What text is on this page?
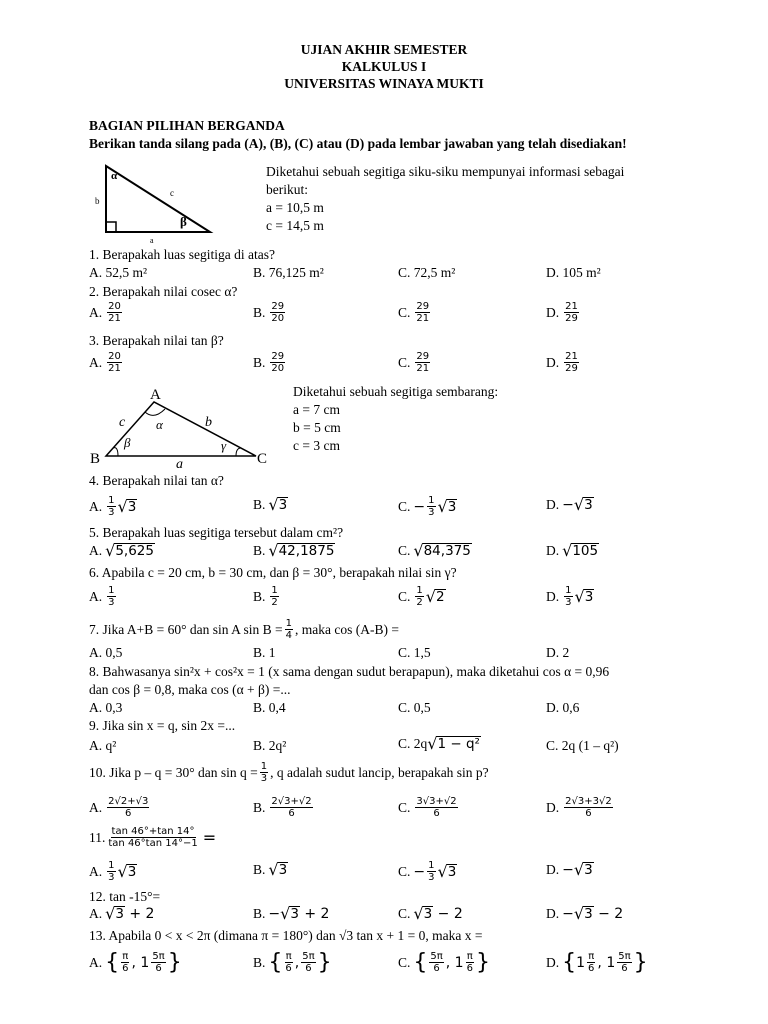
UJIAN AKHIR SEMESTER
KALKULUS I
UNIVERSITAS WINAYA MUKTI
BAGIAN PILIHAN BERGANDA
Berikan tanda silang pada (A), (B), (C) atau (D) pada lembar jawaban yang telah disediakan!
α
β
b
c
a
Diketahui sebuah segitiga siku-siku mempunyai informasi sebagai
berikut:
a = 10,5 m
c = 14,5 m
1. Berapakah luas segitiga di atas?
A. 52,5 m²	B. 76,125 m²	C. 72,5 m²	D. 105 m²
2. Berapakah nilai cosec α?
A. $\frac{20}{21}$	B. $\frac{29}{20}$	C. $\frac{29}{21}$	D. $\frac{21}{29}$
3. Berapakah nilai tan β?
A. $\frac{20}{21}$	B. $\frac{29}{20}$	C. $\frac{29}{21}$	D. $\frac{21}{29}$
A
B	C
c	b
a
α
β	γ
Diketahui sebuah segitiga sembarang:
a = 7 cm
b = 5 cm
c = 3 cm
4. Berapakah nilai tan α?
A. $\frac{1}{3}$ √ 3	B. √ 3	C. − $\frac{1}{3}$ √ 3	D. − √ 3
5. Berapakah luas segitiga tersebut dalam cm²?
A. √ 5,625	B. √ 42,1875	C. √ 84,375	D. √ 105
6. Apabila c = 20 cm, b = 30 cm, dan β = 30°, berapakah nilai sin γ?
A. $\frac{1}{3}$	B. $\frac{1}{2}$	C. $\frac{1}{2}$ √ 2	D. $\frac{1}{3}$ √ 3
7. Jika A+B = 60° dan sin A $\sin B = \frac{1}{4}$ , maka cos (A-B) =
A. 0,5	B. 1	C. 1,5	D. 2
8. Bahwasanya sin²x + cos²x = 1 (x sama dengan sudut berapapun), maka diketahui cos α = 0,96
dan cos β = 0,8, maka cos (α + β) =...
A. 0,3	B. 0,4	C. 0,5	D. 0,6
9. Jika sin x = q, sin 2x =...
A. q²	B. 2q²	C. 2q √ 1 − q²	C. 2q (1 – q²)
10. Jika p – q = 30° dan $\sin q = \frac{1}{3}$ , q adalah sudut lancip, berapakah sin p?
A. $\frac{2√2+√3}{6}$	B. $\frac{2√3+√2}{6}$	C. $\frac{3√3+√2}{6}$	D. $\frac{2√3+3√2}{6}$
11. $\frac{\tan 46^\circ+\tan 14^\circ}{\tan 46^\circ\tan 14^\circ-1}$ =
A. $\frac{1}{3}$ √ 3	B. √ 3	C. − $\frac{1}{3}$ √ 3	D. − √ 3
12. tan -15°=
A. √ 3 + 2	B. − √ 3 + 2	C. √ 3 − 2	D. − √ 3 − 2
13. Apabila 0 < x < 2π (dimana π = 180°) dan √3 tan x + 1 = 0, maka x =
A. { $\frac{\pi}{6}$ , $1 \frac{5\pi}{6}$ }	B. { $\frac{\pi}{6}$ , $\frac{5\pi}{6}$ }	C. { $\frac{5\pi}{6}$ , $1 \frac{\pi}{6}$ }	D. { $1 \frac{\pi}{6}$ , $1 \frac{5\pi}{6}$ }
